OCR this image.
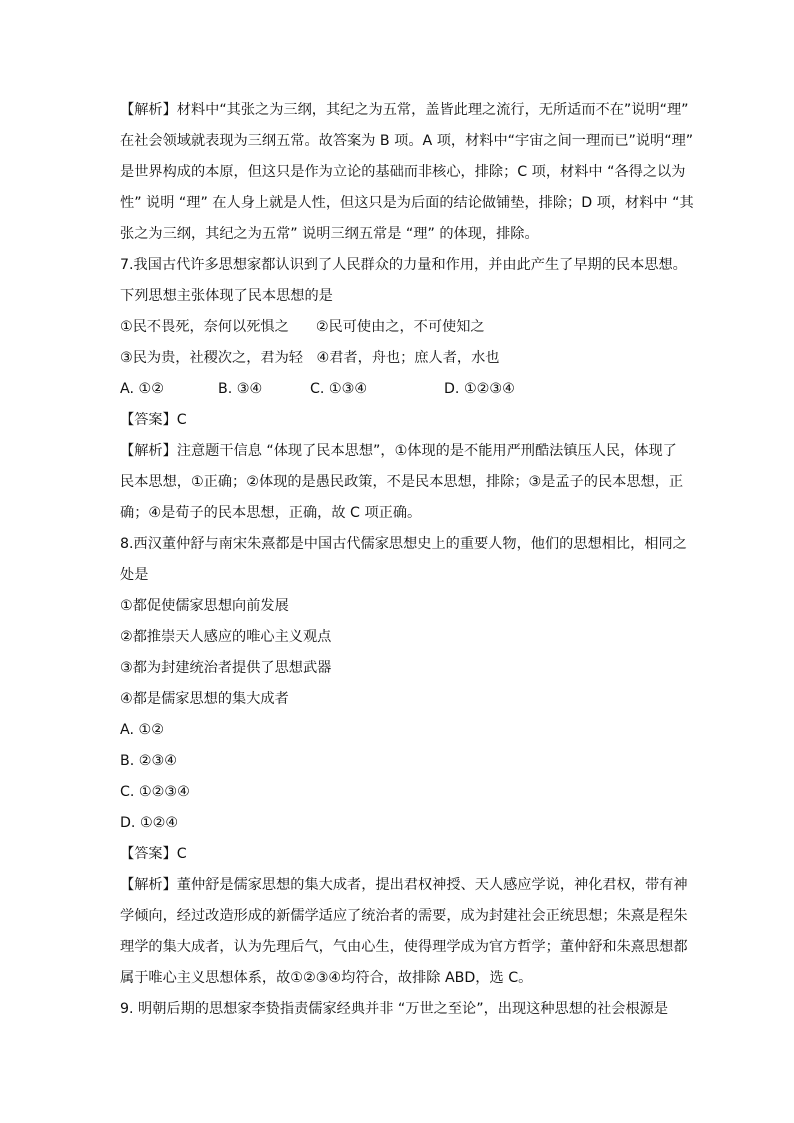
【解析】材料中“其张之为三纲，其纪之为五常，盖皆此理之流行，无所适而不在”说明“理”
在社会领域就表现为三纲五常。故答案为 B 项。A 项，材料中“宇宙之间一理而已”说明“理”
是世界构成的本原，但这只是作为立论的基础而非核心，排除；C 项，材料中 “各得之以为
性” 说明 “理” 在人身上就是人性，但这只是为后面的结论做铺垫，排除；D 项，材料中 “其
张之为三纲，其纪之为五常” 说明三纲五常是 “理” 的体现，排除。
7.我国古代许多思想家都认识到了人民群众的力量和作用，并由此产生了早期的民本思想。
下列思想主张体现了民本思想的是
①民不畏死，奈何以死惧之      ②民可使由之，不可使知之
③民为贵，社稷次之，君为轻   ④君者，舟也；庶人者，水也
A. ①②	B. ③④	C. ①③④	D. ①②③④
【答案】C
【解析】注意题干信息 “体现了民本思想”，①体现的是不能用严刑酷法镇压人民，体现了
民本思想，①正确；②体现的是愚民政策，不是民本思想，排除；③是孟子的民本思想，正
确；④是荀子的民本思想，正确，故 C 项正确。
8.西汉董仲舒与南宋朱熹都是中国古代儒家思想史上的重要人物，他们的思想相比，相同之
处是
①都促使儒家思想向前发展
②都推崇天人感应的唯心主义观点
③都为封建统治者提供了思想武器
④都是儒家思想的集大成者
A. ①②
B. ②③④
C. ①②③④
D. ①②④
【答案】C
【解析】董仲舒是儒家思想的集大成者，提出君权神授、天人感应学说，神化君权，带有神
学倾向，经过改造形成的新儒学适应了统治者的需要，成为封建社会正统思想；朱熹是程朱
理学的集大成者，认为先理后气，气由心生，使得理学成为官方哲学；董仲舒和朱熹思想都
属于唯心主义思想体系，故①②③④均符合，故排除 ABD，选 C。
9. 明朝后期的思想家李贽指责儒家经典并非 “万世之至论”，出现这种思想的社会根源是
